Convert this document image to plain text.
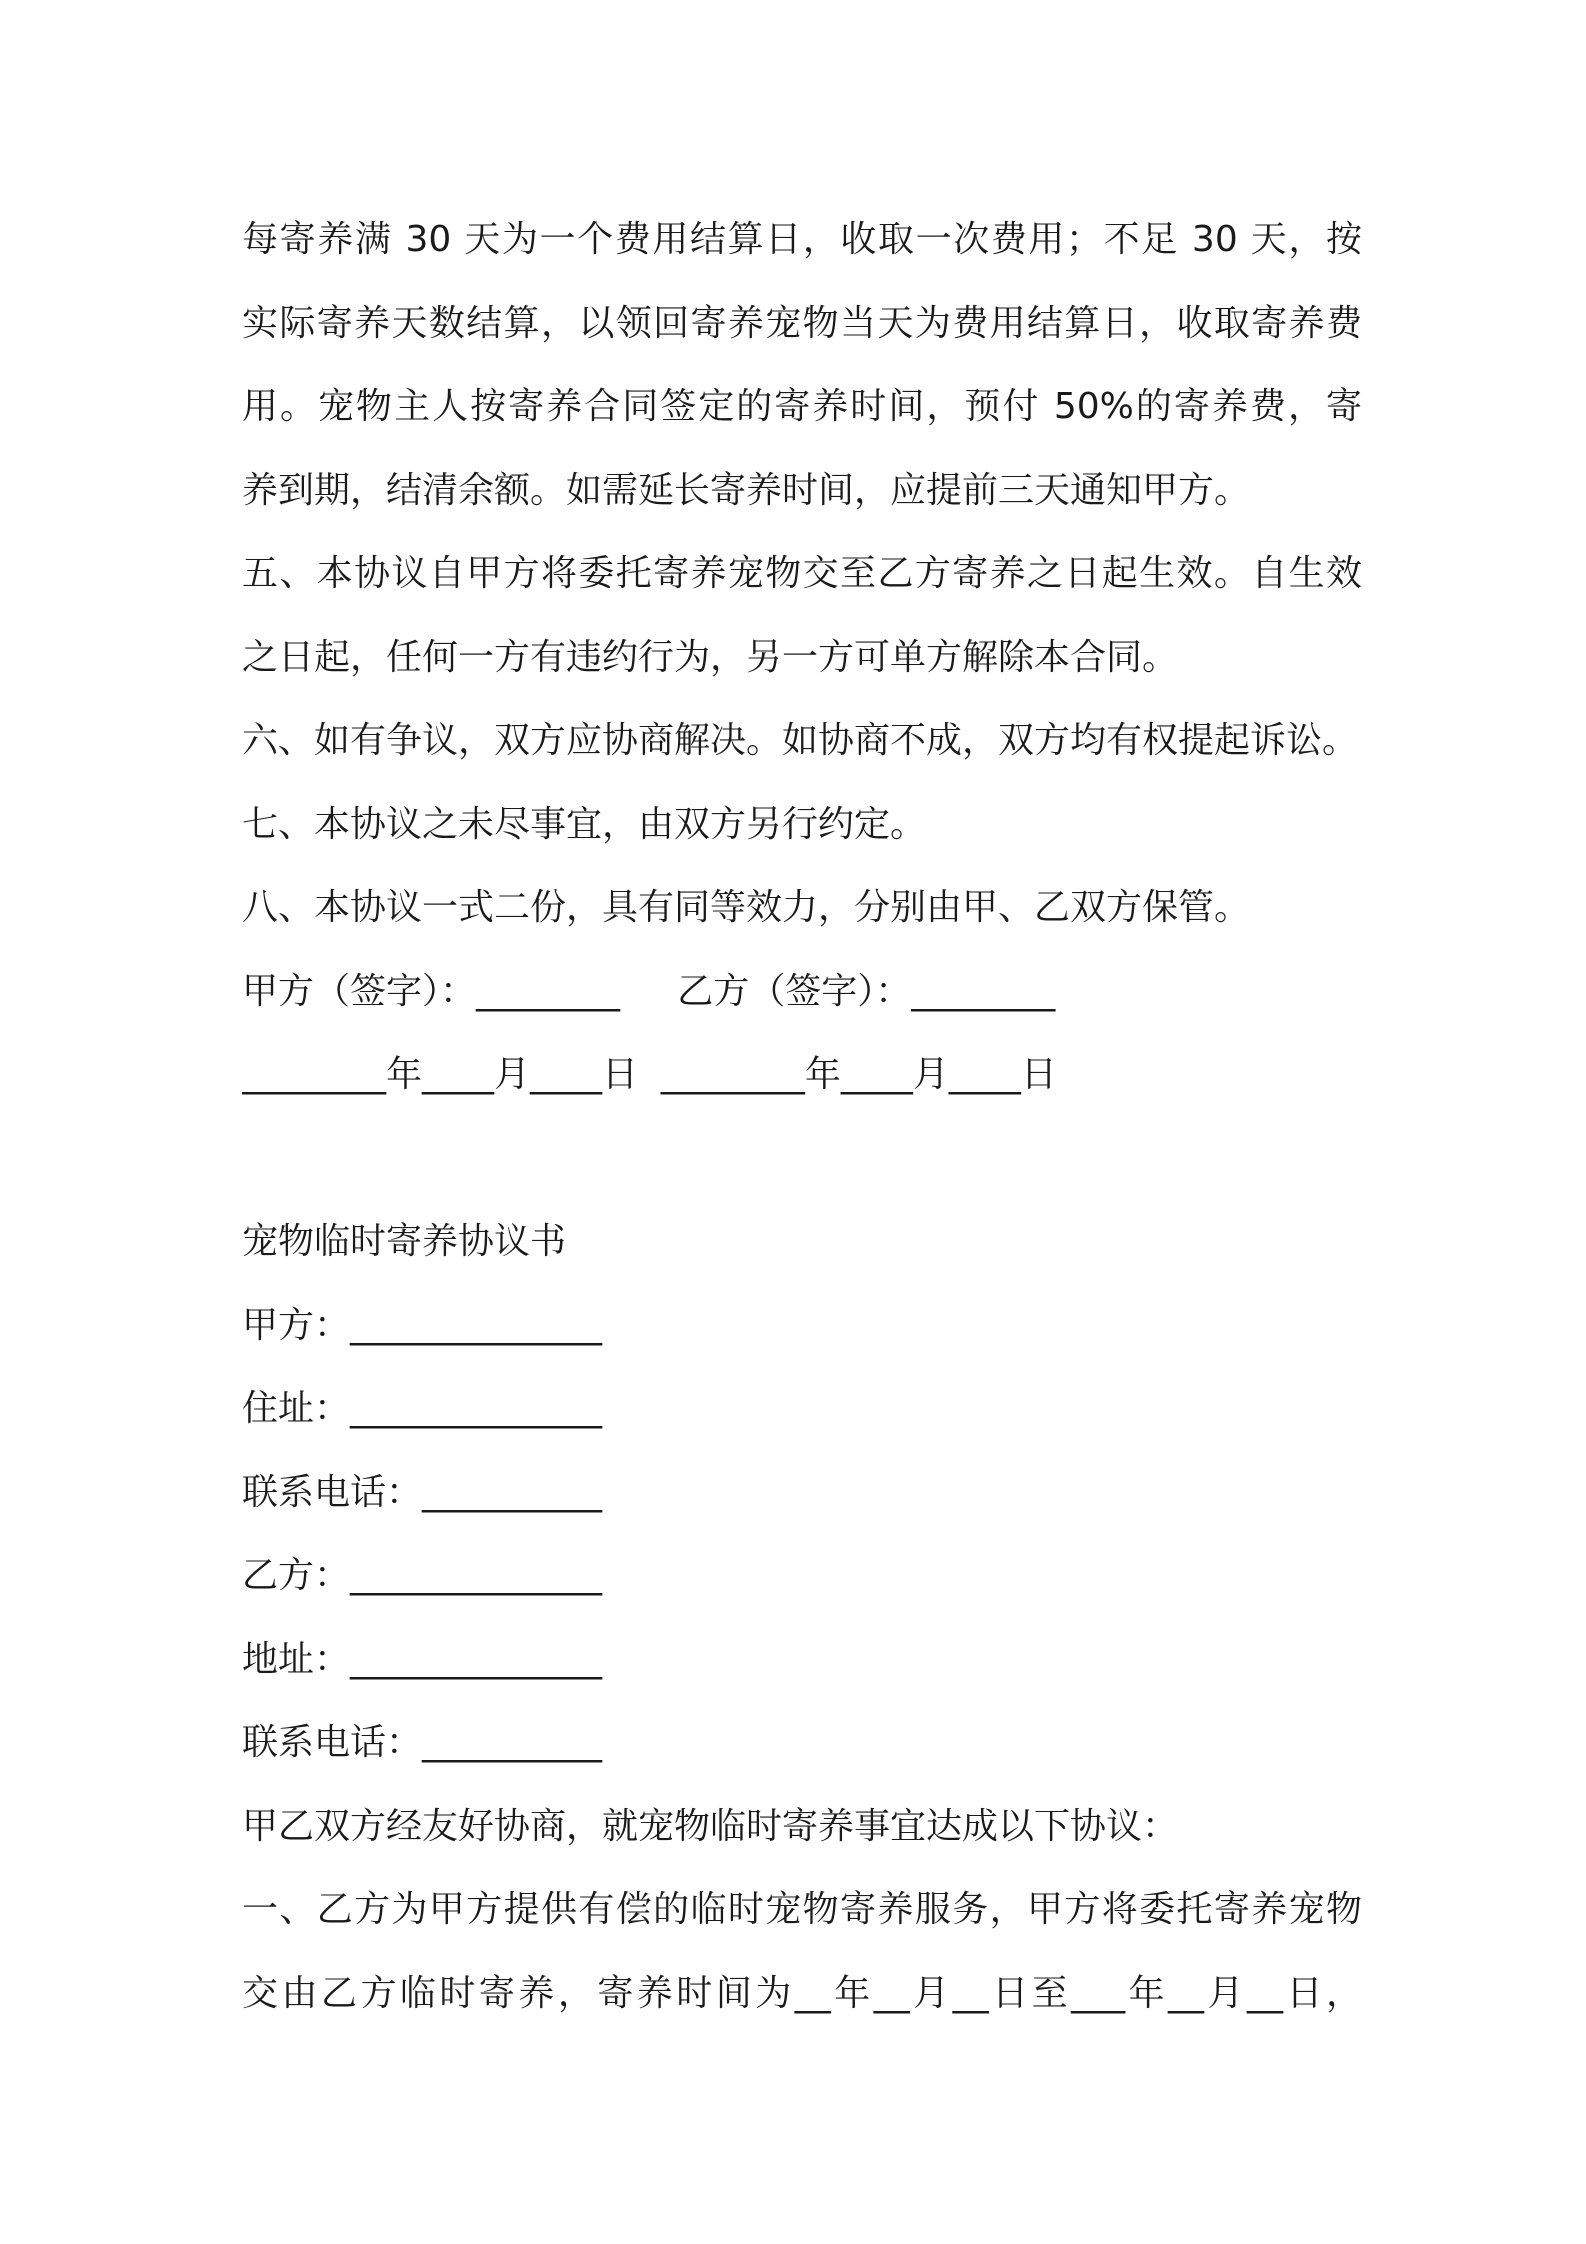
每寄养满 30 天为一个费用结算日，收取一次费用；不足 30 天，按
实际寄养天数结算，以领回寄养宠物当天为费用结算日，收取寄养费
用。宠物主人按寄养合同签定的寄养时间，预付 50%的寄养费，寄
养到期，结清余额。如需延长寄养时间，应提前三天通知甲方。
五、本协议自甲方将委托寄养宠物交至乙方寄养之日起生效。自生效
之日起，任何一方有违约行为，另一方可单方解除本合同。
六、如有争议，双方应协商解决。如协商不成，双方均有权提起诉讼。
七、本协议之未尽事宜，由双方另行约定。
八、本协议一式二份，具有同等效力，分别由甲、乙双方保管。
甲方（签字）：________     乙方（签字）：________
________年____月____日  ________年____月____日
宠物临时寄养协议书
甲方：______________
住址：______________
联系电话：__________
乙方：______________
地址：______________
联系电话：__________
甲乙双方经友好协商，就宠物临时寄养事宜达成以下协议：
一、乙方为甲方提供有偿的临时宠物寄养服务，甲方将委托寄养宠物
交由乙方临时寄养，寄养时间为__年__月__日至___年__月__日，
